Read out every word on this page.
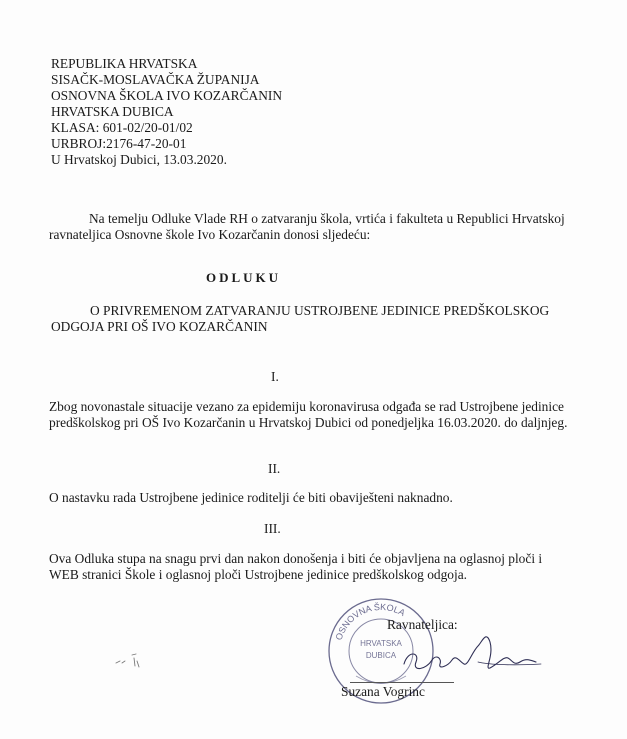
REPUBLIKA HRVATSKA
SISAČK-MOSLAVAČKA ŽUPANIJA
OSNOVNA ŠKOLA IVO KOZARČANIN
HRVATSKA DUBICA
KLASA: 601-02/20-01/02
URBROJ:2176-47-20-01
U Hrvatskoj Dubici, 13.03.2020.
Na temelju Odluke Vlade RH o zatvaranju škola, vrtića i fakulteta u Republici Hrvatskoj
ravnateljica Osnovne škole Ivo Kozarčanin donosi sljedeću:
ODLUKU
O PRIVREMENOM ZATVARANJU USTROJBENE JEDINICE PREDŠKOLSKOG
ODGOJA PRI OŠ IVO KOZARČANIN
I.
Zbog novonastale situacije vezano za epidemiju koronavirusa odgađa se rad Ustrojbene jedinice
predškolskog pri OŠ Ivo Kozarčanin u Hrvatskoj Dubici od ponedjeljka 16.03.2020. do daljnjeg.
II.
O nastavku rada Ustrojbene jedinice roditelji će biti obaviješteni naknadno.
III.
Ova Odluka stupa na snagu prvi dan nakon donošenja i biti će objavljena na oglasnoj ploči i
WEB stranici Škole i oglasnoj ploči Ustrojbene jedinice predškolskog odgoja.
OSNOVNA ŠKOLA
HRVATSKA
DUBICA
Ravnateljica:
Suzana Vogrinc
